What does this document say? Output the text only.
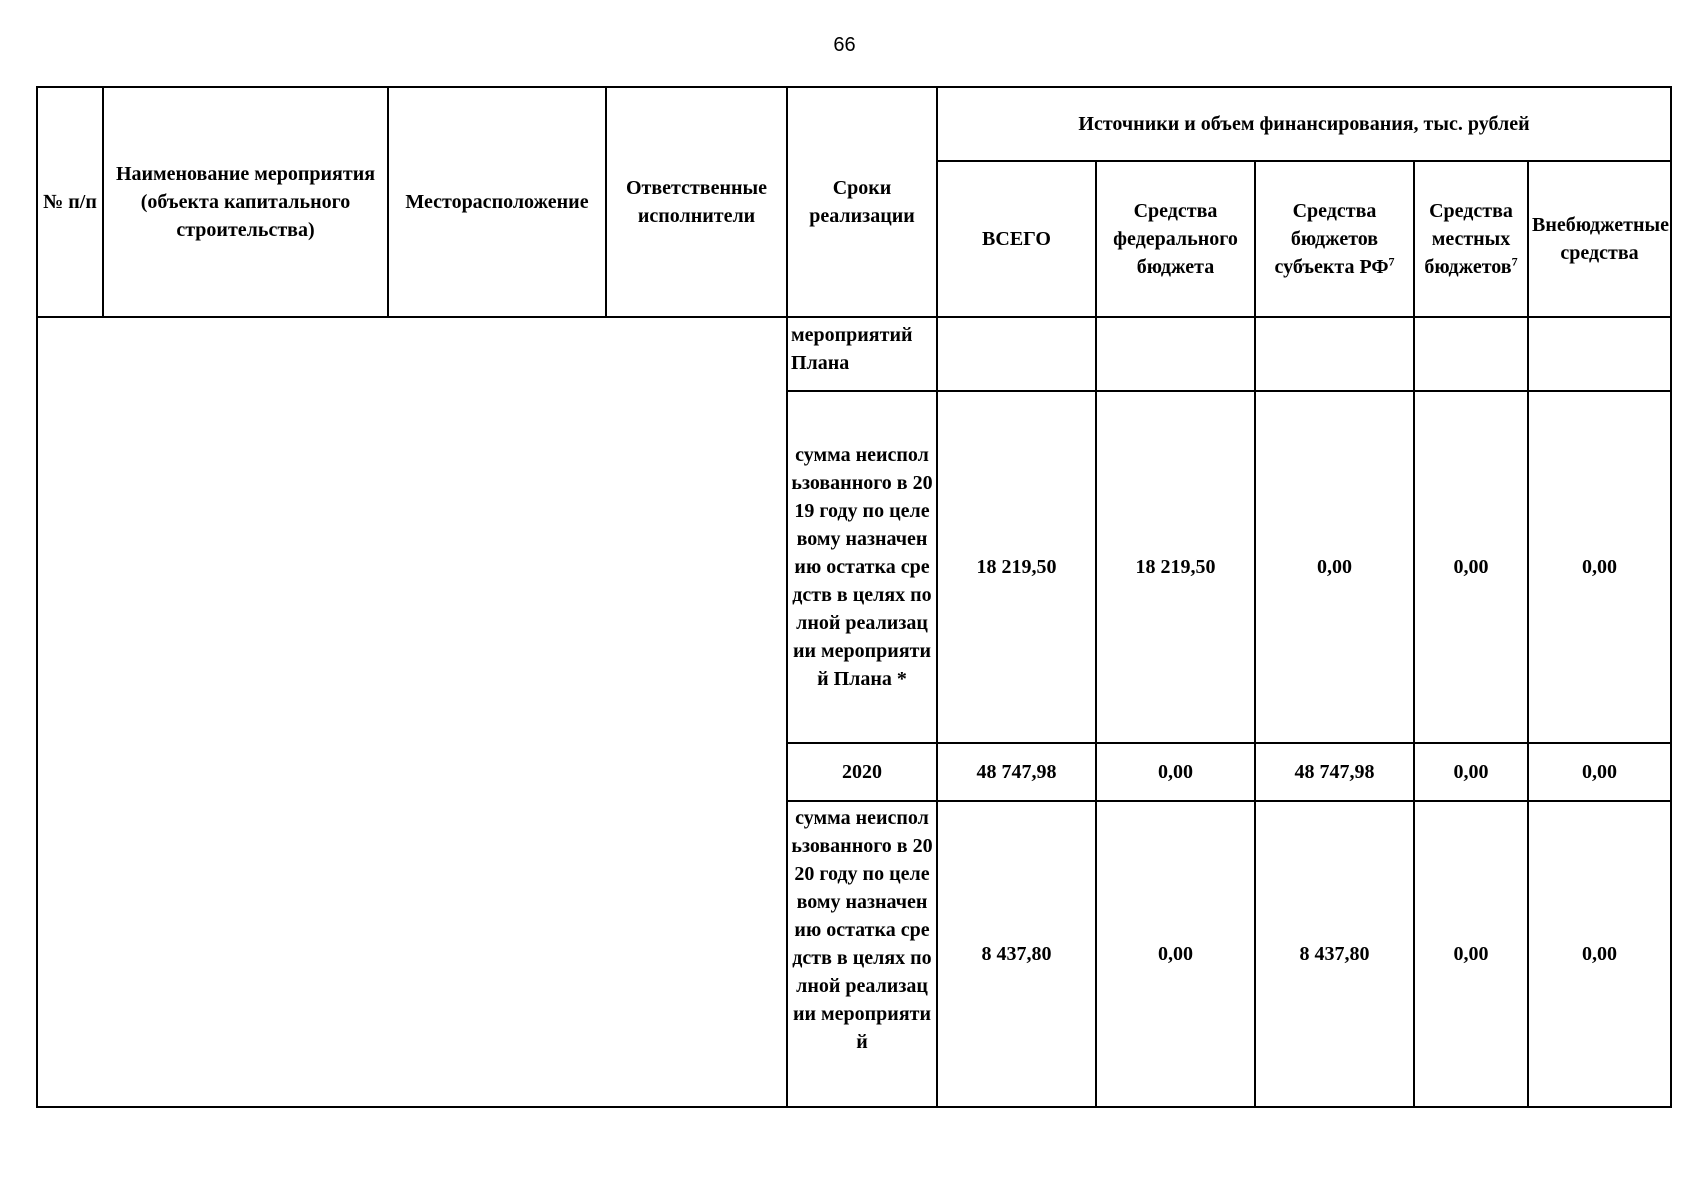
66
№ п/п	Наименование мероприятия (объекта капитального строительства)	Месторасположение	Ответственные исполнители	Сроки реализации	Источники и объем финансирования, тыс. рублей				
					ВСЕГО	Средства федерального бюджета	Средства бюджетов субъекта $РФ^7$	Средства местных бюджетов$^7$	Внебюджетные средства

				мероприятий Плана					

				сумма неиспользованного в 2019 году по целевому назначению остатка средств в целях полной реализации мероприятий Плана *	18 219,50	18 219,50	0,00	0,00	0,00
				2020	48 747,98	0,00	48 747,98	0,00	0,00

				сумма неиспользованного в 2020 году по целевому назначению остатка средств в целях полной реализации мероприятий	8 437,80	0,00	8 437,80	0,00	0,00
